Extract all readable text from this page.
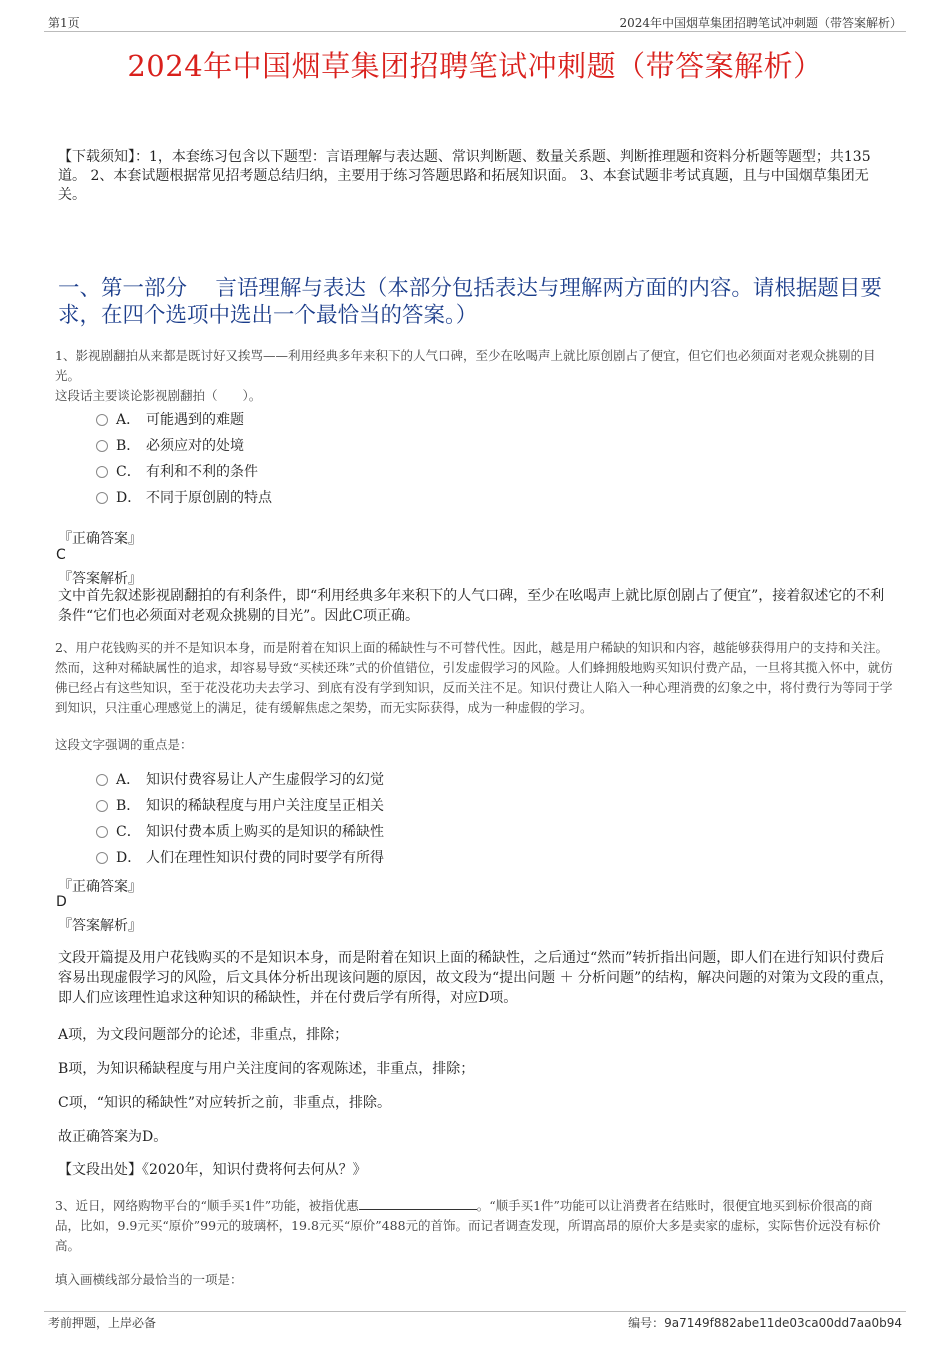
第1页	2024年中国烟草集团招聘笔试冲刺题（带答案解析）
2024年中国烟草集团招聘笔试冲刺题（带答案解析）
【下载须知】：1，本套练习包含以下题型：言语理解与表达题、常识判断题、数量关系题、判断推理题和资料分析题等题型；共135道。 2、本套试题根据常见招考题总结归纳，主要用于练习答题思路和拓展知识面。 3、本套试题非考试真题，且与中国烟草集团无关。
一、第一部分　 言语理解与表达（本部分包括表达与理解两方面的内容。请根据题目要求，在四个选项中选出一个最恰当的答案。）
1、影视剧翻拍从来都是既讨好又挨骂——利用经典多年来积下的人气口碑，至少在吆喝声上就比原创剧占了便宜，但它们也必须面对老观众挑剔的目光。
这段话主要谈论影视剧翻拍（　　）。
A． 可能遇到的难题
B． 必须应对的处境
C． 有利和不利的条件
D． 不同于原创剧的特点
『正确答案』
C
『答案解析』
文中首先叙述影视剧翻拍的有利条件，即“利用经典多年来积下的人气口碑，至少在吆喝声上就比原创剧占了便宜”，接着叙述它的不利条件“它们也必须面对老观众挑剔的目光”。因此C项正确。
2、用户花钱购买的并不是知识本身，而是附着在知识上面的稀缺性与不可替代性。因此，越是用户稀缺的知识和内容，越能够获得用户的支持和关注。然而，这种对稀缺属性的追求，却容易导致“买椟还珠”式的价值错位，引发虚假学习的风险。人们蜂拥般地购买知识付费产品，一旦将其揽入怀中，就仿佛已经占有这些知识，至于花没花功夫去学习、到底有没有学到知识，反而关注不足。知识付费让人陷入一种心理消费的幻象之中，将付费行为等同于学到知识，只注重心理感觉上的满足，徒有缓解焦虑之架势，而无实际获得，成为一种虚假的学习。
这段文字强调的重点是：
A． 知识付费容易让人产生虚假学习的幻觉
B． 知识的稀缺程度与用户关注度呈正相关
C． 知识付费本质上购买的是知识的稀缺性
D． 人们在理性知识付费的同时要学有所得
『正确答案』
D
『答案解析』
文段开篇提及用户花钱购买的不是知识本身，而是附着在知识上面的稀缺性，之后通过“然而”转折指出问题，即人们在进行知识付费后容易出现虚假学习的风险，后文具体分析出现该问题的原因，故文段为“提出问题 ＋ 分析问题”的结构，解决问题的对策为文段的重点，即人们应该理性追求这种知识的稀缺性，并在付费后学有所得，对应D项。
A项，为文段问题部分的论述，非重点，排除；
B项，为知识稀缺程度与用户关注度间的客观陈述，非重点，排除；
C项，“知识的稀缺性”对应转折之前，非重点，排除。
故正确答案为D。
【文段出处】《2020年，知识付费将何去何从？》
3、近日，网络购物平台的“顺手买1件”功能，被指优惠	。“顺手买1件”功能可以让消费者在结账时，很便宜地买到标价很高的商品，比如，9.9元买“原价”99元的玻璃杯，19.8元买“原价”488元的首饰。而记者调查发现，所谓高昂的原价大多是卖家的虚标，实际售价远没有标价高。
填入画横线部分最恰当的一项是：
考前押题，上岸必备	编号：9a7149f882abe11de03ca00dd7aa0b94
